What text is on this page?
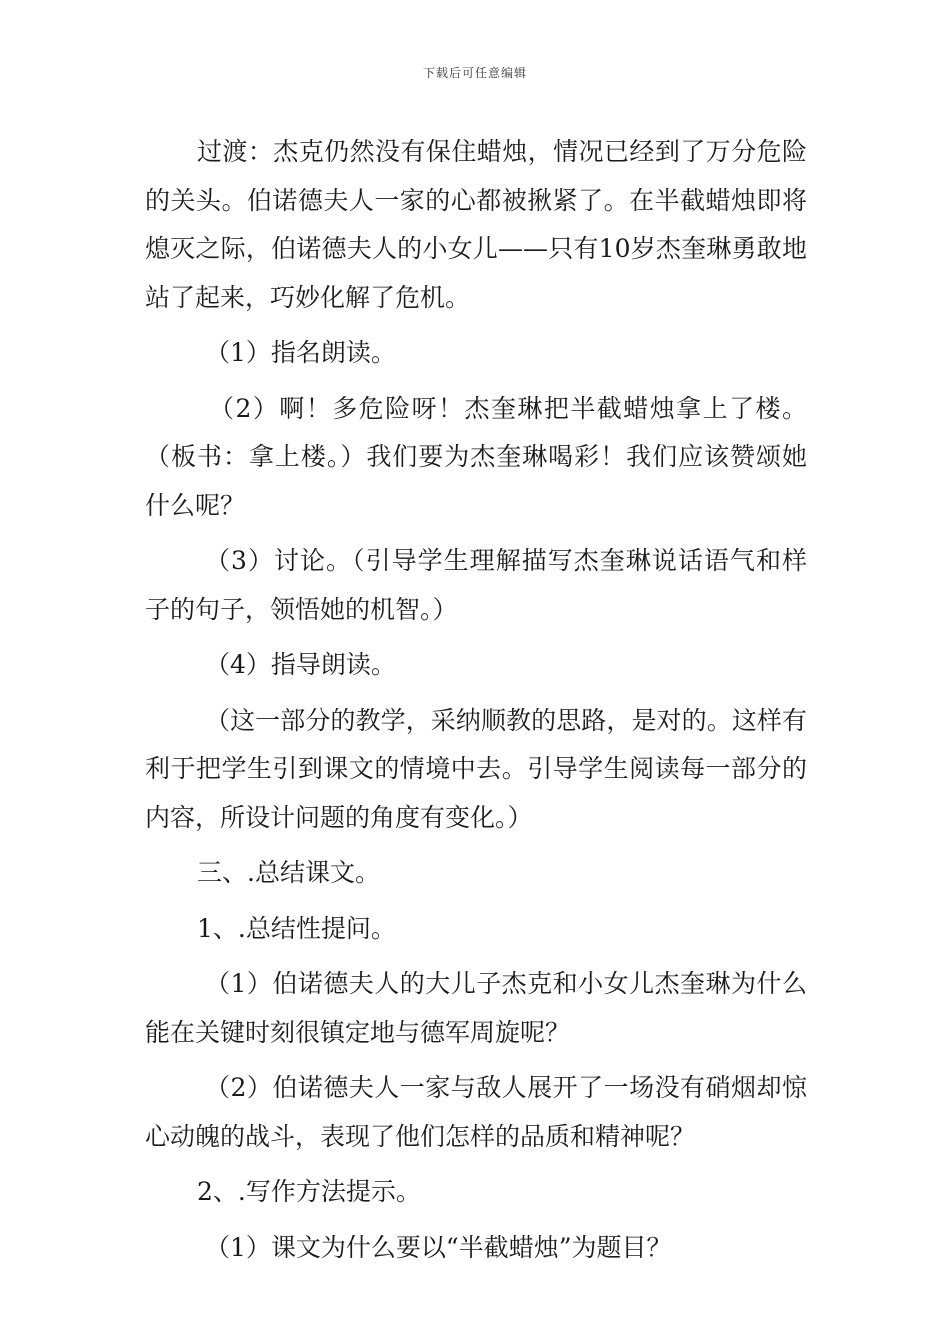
下载后可任意编辑

过渡：杰克仍然没有保住蜡烛，情况已经到了万分危险的关头。伯诺德夫人一家的心都被揪紧了。在半截蜡烛即将熄灭之际，伯诺德夫人的小女儿——只有10岁杰奎琳勇敢地站了起来，巧妙化解了危机。

（1）指名朗读。

（2）啊！多危险呀！杰奎琳把半截蜡烛拿上了楼。（板书：拿上楼。）我们要为杰奎琳喝彩！我们应该赞颂她什么呢？

（3）讨论。（引导学生理解描写杰奎琳说话语气和样子的句子，领悟她的机智。）

（4）指导朗读。

（这一部分的教学，采纳顺教的思路，是对的。这样有利于把学生引到课文的情境中去。引导学生阅读每一部分的内容，所设计问题的角度有变化。）

三、.总结课文。

1、.总结性提问。

（1）伯诺德夫人的大儿子杰克和小女儿杰奎琳为什么能在关键时刻很镇定地与德军周旋呢？

（2）伯诺德夫人一家与敌人展开了一场没有硝烟却惊心动魄的战斗，表现了他们怎样的品质和精神呢？

2、.写作方法提示。

（1）课文为什么要以“半截蜡烛”为题目？
